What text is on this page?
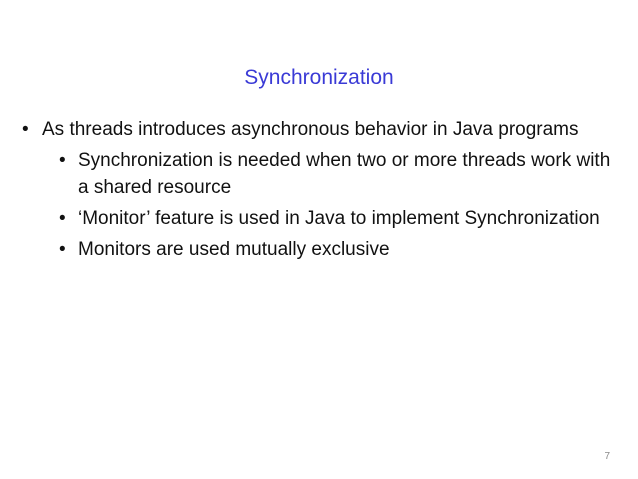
Synchronization
• As threads introduces asynchronous behavior in Java programs
• Synchronization is needed when two or more threads work with a shared resource
• ‘Monitor’ feature is used in Java to implement Synchronization
• Monitors are used mutually exclusive
7
